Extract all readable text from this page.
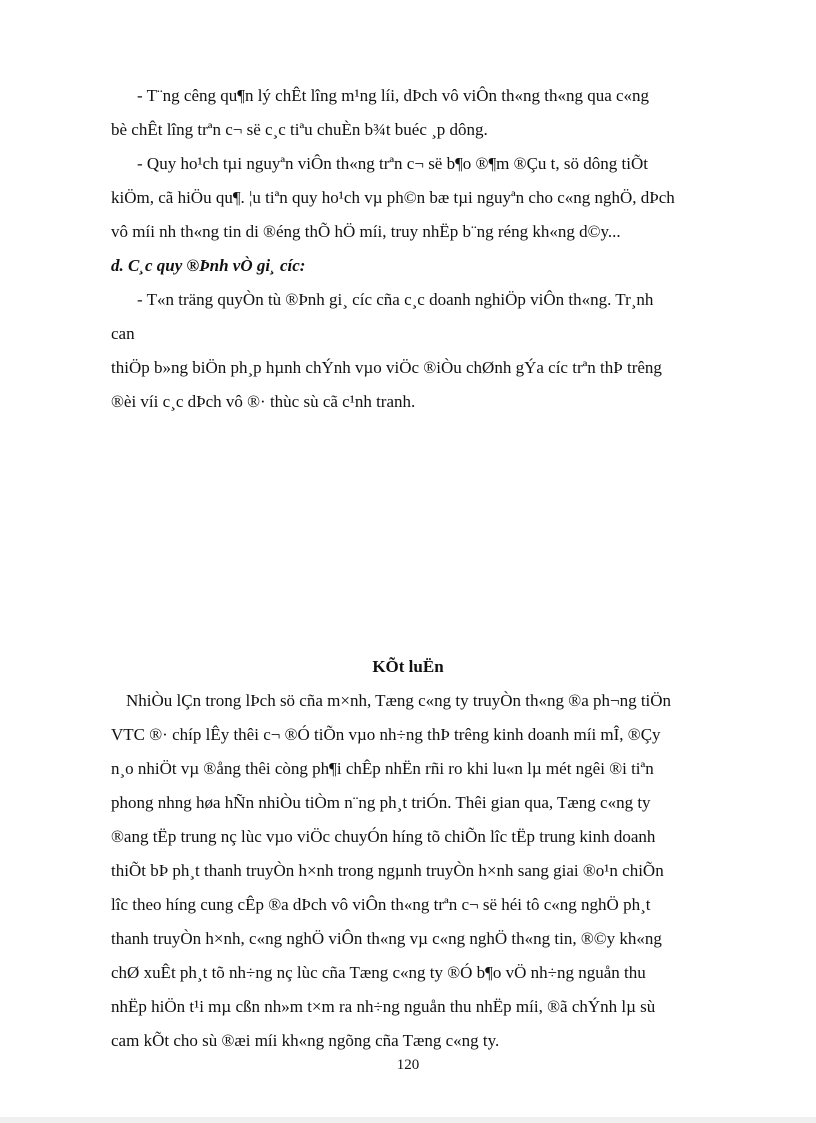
- T¨ng cêng qu¶n lý chÊt lîng m¹ng líi, dÞch vô viÔn th«ng th«ng qua c«ng
bè chÊt lîng trªn c¬ së c¸c tiªu chuÈn b¾t buéc ¸p dông.
- Quy ho¹ch tµi nguyªn viÔn th«ng trªn c¬ së b¶o ®¶m ®Çu t, sö dông tiÕt
kiÖm, cã hiÖu qu¶. ¦u tiªn quy ho¹ch vµ ph©n bæ tµi nguyªn cho c«ng nghÖ, dÞch
vô míi nh th«ng tin di ®éng thÕ hÖ míi, truy nhËp b¨ng réng kh«ng d©y...
d. C¸c quy ®Þnh vÒ gi¸ cíc:
- T«n träng quyÒn tù ®Þnh gi¸ cíc cña c¸c doanh nghiÖp viÔn th«ng. Tr¸nh
can
thiÖp b»ng biÖn ph¸p hµnh chÝnh vµo viÖc ®iÒu chØnh gÝa cíc trªn thÞ trêng
®èi víi c¸c dÞch vô ®· thùc sù cã c¹nh tranh.
KÕt luËn
NhiÒu lÇn trong lÞch sö cña m×nh, Tæng c«ng ty truyÒn th«ng ®a ph¬ng tiÖn
VTC ®· chíp lÊy thêi c¬ ®Ó tiÕn vµo nh÷ng thÞ trêng kinh doanh míi mÎ, ®Çy
n¸o nhiÖt vµ ®ång thêi còng ph¶i chÊp nhËn rñi ro khi lu«n lµ mét ngêi ®i tiªn
phong nhng høa hÑn nhiÒu tiÒm n¨ng ph¸t triÓn. Thêi gian qua, Tæng c«ng ty
®ang tËp trung nç lùc vµo viÖc chuyÓn híng tõ chiÕn lîc tËp trung kinh doanh
thiÕt bÞ ph¸t thanh truyÒn h×nh trong ngµnh truyÒn h×nh sang giai ®o¹n chiÕn
lîc theo híng cung cÊp ®a dÞch vô viÔn th«ng trªn c¬ së héi tô c«ng nghÖ ph¸t
thanh truyÒn h×nh, c«ng nghÖ viÔn th«ng vµ c«ng nghÖ th«ng tin, ®©y kh«ng
chØ xuÊt ph¸t tõ nh÷ng nç lùc cña Tæng c«ng ty ®Ó b¶o vÖ nh÷ng nguån thu
nhËp hiÖn t¹i mµ cßn nh»m t×m ra nh÷ng nguån thu nhËp míi, ®ã chÝnh lµ sù
cam kÕt cho sù ®æi míi kh«ng ngõng cña Tæng c«ng ty.
120
